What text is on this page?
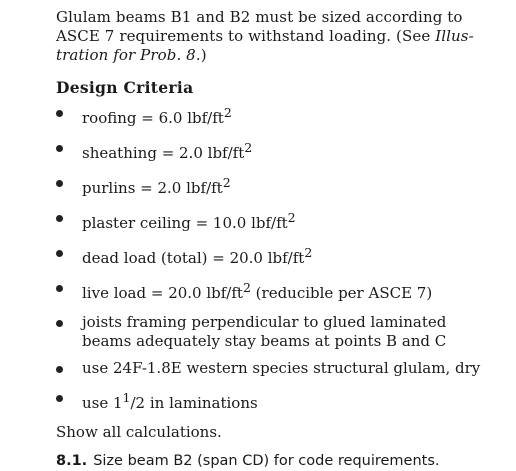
Glulam beams B1 and B2 must be sized according to
ASCE 7 requirements to withstand loading. (See Illus-
tration for Prob. 8.)

Design Criteria
roofing = 6.0 lbf/$ft^2$
sheathing = 2.0 lbf/$ft^2$
purlins = 2.0 lbf/$ft^2$
plaster ceiling = 10.0 lbf/$ft^2$
dead load (total) = 20.0 lbf/$ft^2$
live load = 20.0 lbf/$ft^2$ (reducible per ASCE 7)
joists framing perpendicular to glued laminated
beams adequately stay beams at points B and C
use 24F-1.8E western species structural glulam, dry
use $1^1/2$ in laminations

Show all calculations.

8.1. Size beam B2 (span CD) for code requirements.
